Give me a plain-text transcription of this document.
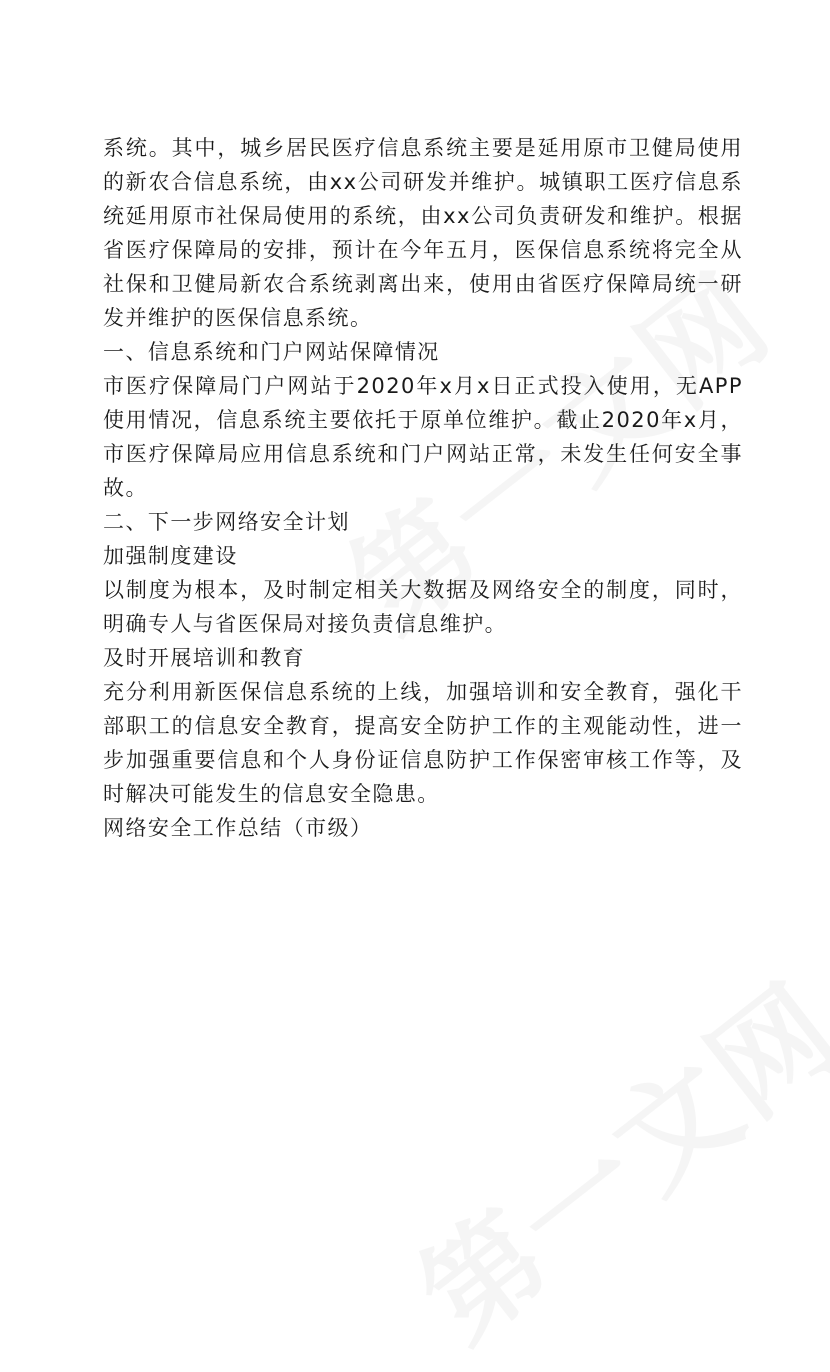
系统。其中，城乡居民医疗信息系统主要是延用原市卫健局使用的新农合信息系统，由xx公司研发并维护。城镇职工医疗信息系统延用原市社保局使用的系统，由xx公司负责研发和维护。根据省医疗保障局的安排，预计在今年五月，医保信息系统将完全从社保和卫健局新农合系统剥离出来，使用由省医疗保障局统一研发并维护的医保信息系统。

一、信息系统和门户网站保障情况

市医疗保障局门户网站于2020年x月x日正式投入使用，无APP使用情况，信息系统主要依托于原单位维护。截止2020年x月，市医疗保障局应用信息系统和门户网站正常，未发生任何安全事故。

二、下一步网络安全计划

加强制度建设

以制度为根本，及时制定相关大数据及网络安全的制度，同时，明确专人与省医保局对接负责信息维护。

及时开展培训和教育

充分利用新医保信息系统的上线，加强培训和安全教育，强化干部职工的信息安全教育，提高安全防护工作的主观能动性，进一步加强重要信息和个人身份证信息防护工作保密审核工作等，及时解决可能发生的信息安全隐患。

网络安全工作总结（市级）
